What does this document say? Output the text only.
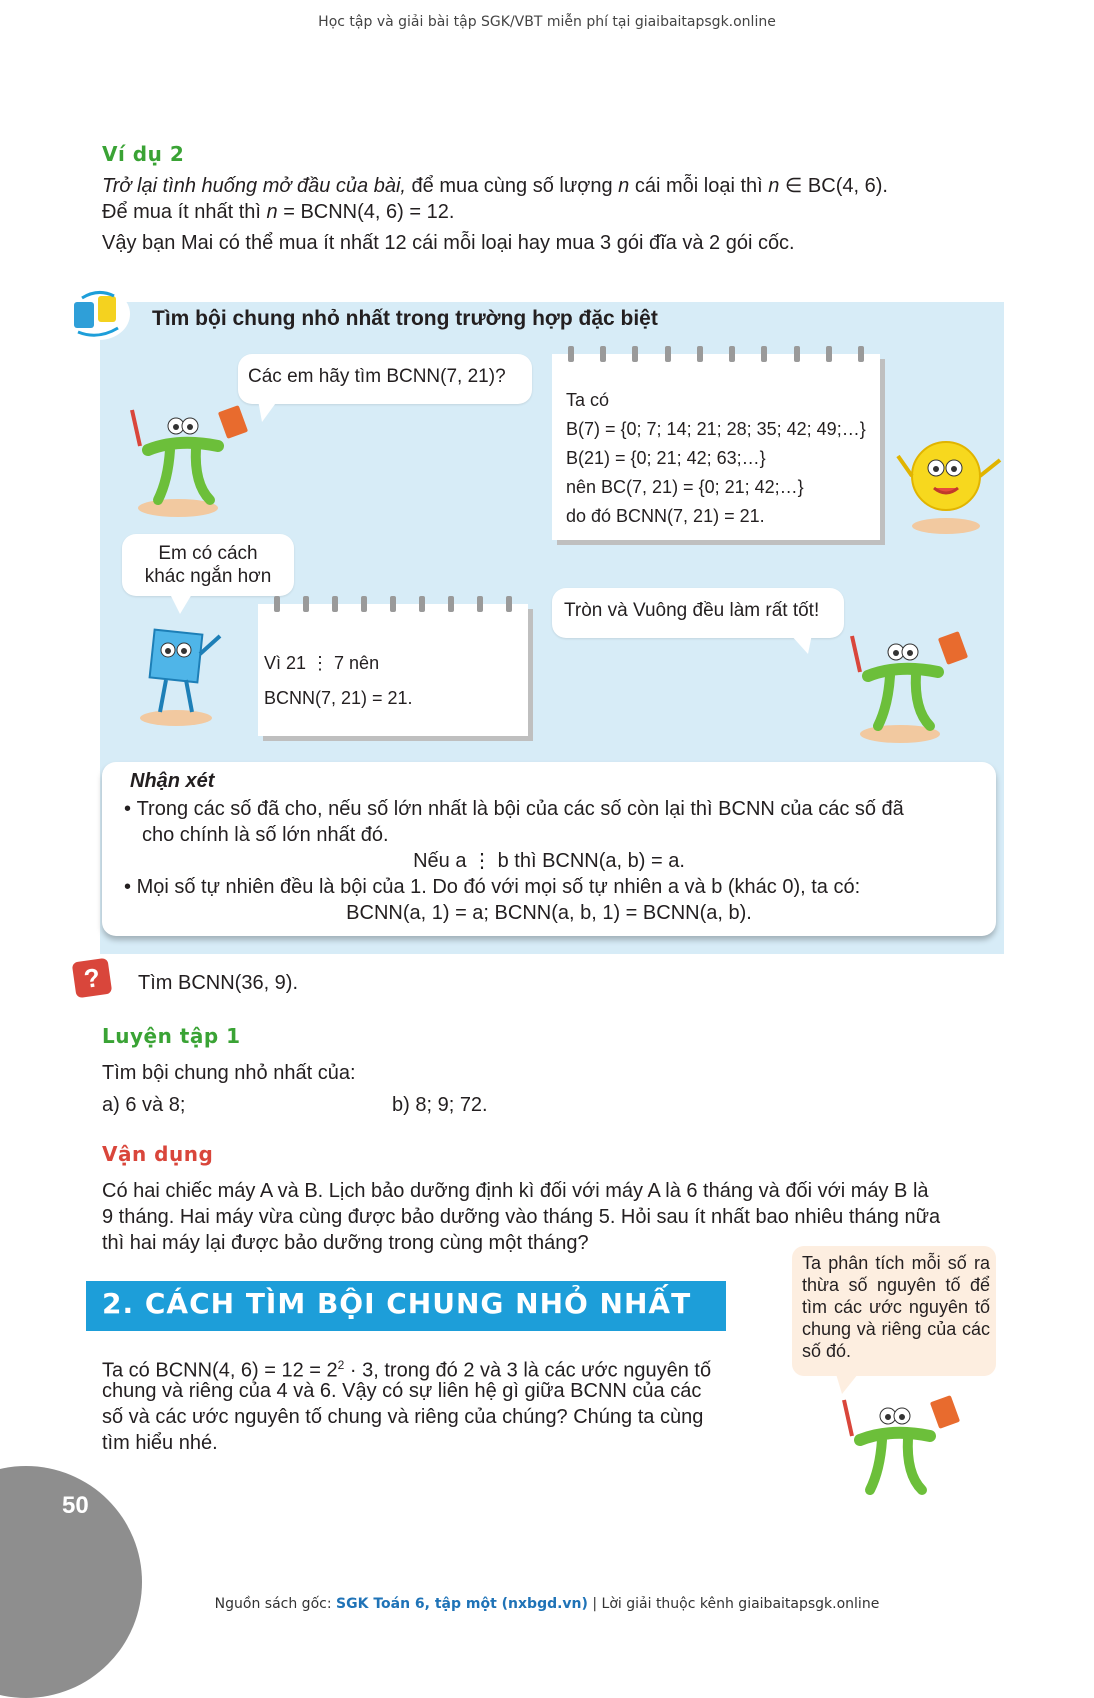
Học tập và giải bài tập SGK/VBT miễn phí tại giaibaitapsgk.online
Ví dụ 2
Trở lại tình huống mở đầu của bài, để mua cùng số lượng n cái mỗi loại thì n ∈ BC(4, 6).
Để mua ít nhất thì n = BCNN(4, 6) = 12.
Vậy bạn Mai có thể mua ít nhất 12 cái mỗi loại hay mua 3 gói đĩa và 2 gói cốc.
Tìm bội chung nhỏ nhất trong trường hợp đặc biệt
Các em hãy tìm BCNN(7, 21)?
Ta có
B(7) = {0; 7; 14; 21; 28; 35; 42; 49;…}
B(21) = {0; 21; 42; 63;…}
nên BC(7, 21) = {0; 21; 42;…}
do đó BCNN(7, 21) = 21.
Em có cách
khác ngắn hơn
Vì 21 ⋮ 7 nên
BCNN(7, 21) = 21.
Tròn và Vuông đều làm rất tốt!
Nhận xét
• Trong các số đã cho, nếu số lớn nhất là bội của các số còn lại thì BCNN của các số đã
cho chính là số lớn nhất đó.
Nếu a ⋮ b thì BCNN(a, b) = a.
• Mọi số tự nhiên đều là bội của 1. Do đó với mọi số tự nhiên a và b (khác 0), ta có:
BCNN(a, 1) = a; BCNN(a, b, 1) = BCNN(a, b).
?	Tìm BCNN(36, 9).
Luyện tập 1
Tìm bội chung nhỏ nhất của:
a) 6 và 8;	b) 8; 9; 72.
Vận dụng
Có hai chiếc máy A và B. Lịch bảo dưỡng định kì đối với máy A là 6 tháng và đối với máy B là
9 tháng. Hai máy vừa cùng được bảo dưỡng vào tháng 5. Hỏi sau ít nhất bao nhiêu tháng nữa
thì hai máy lại được bảo dưỡng trong cùng một tháng?
2. CÁCH TÌM BỘI CHUNG NHỎ NHẤT
Ta có BCNN(4, $6) = 12 = 2^2 \cdot 3$, trong đó 2 và 3 là các ước nguyên tố
chung và riêng của 4 và 6. Vậy có sự liên hệ gì giữa BCNN của các
số và các ước nguyên tố chung và riêng của chúng? Chúng ta cùng
tìm hiểu nhé.
Ta phân tích mỗi số ra thừa số nguyên tố để tìm các ước nguyên tố chung và riêng của các số đó.
50
Nguồn sách gốc: SGK Toán 6, tập một (nxbgd.vn) | Lời giải thuộc kênh giaibaitapsgk.online
